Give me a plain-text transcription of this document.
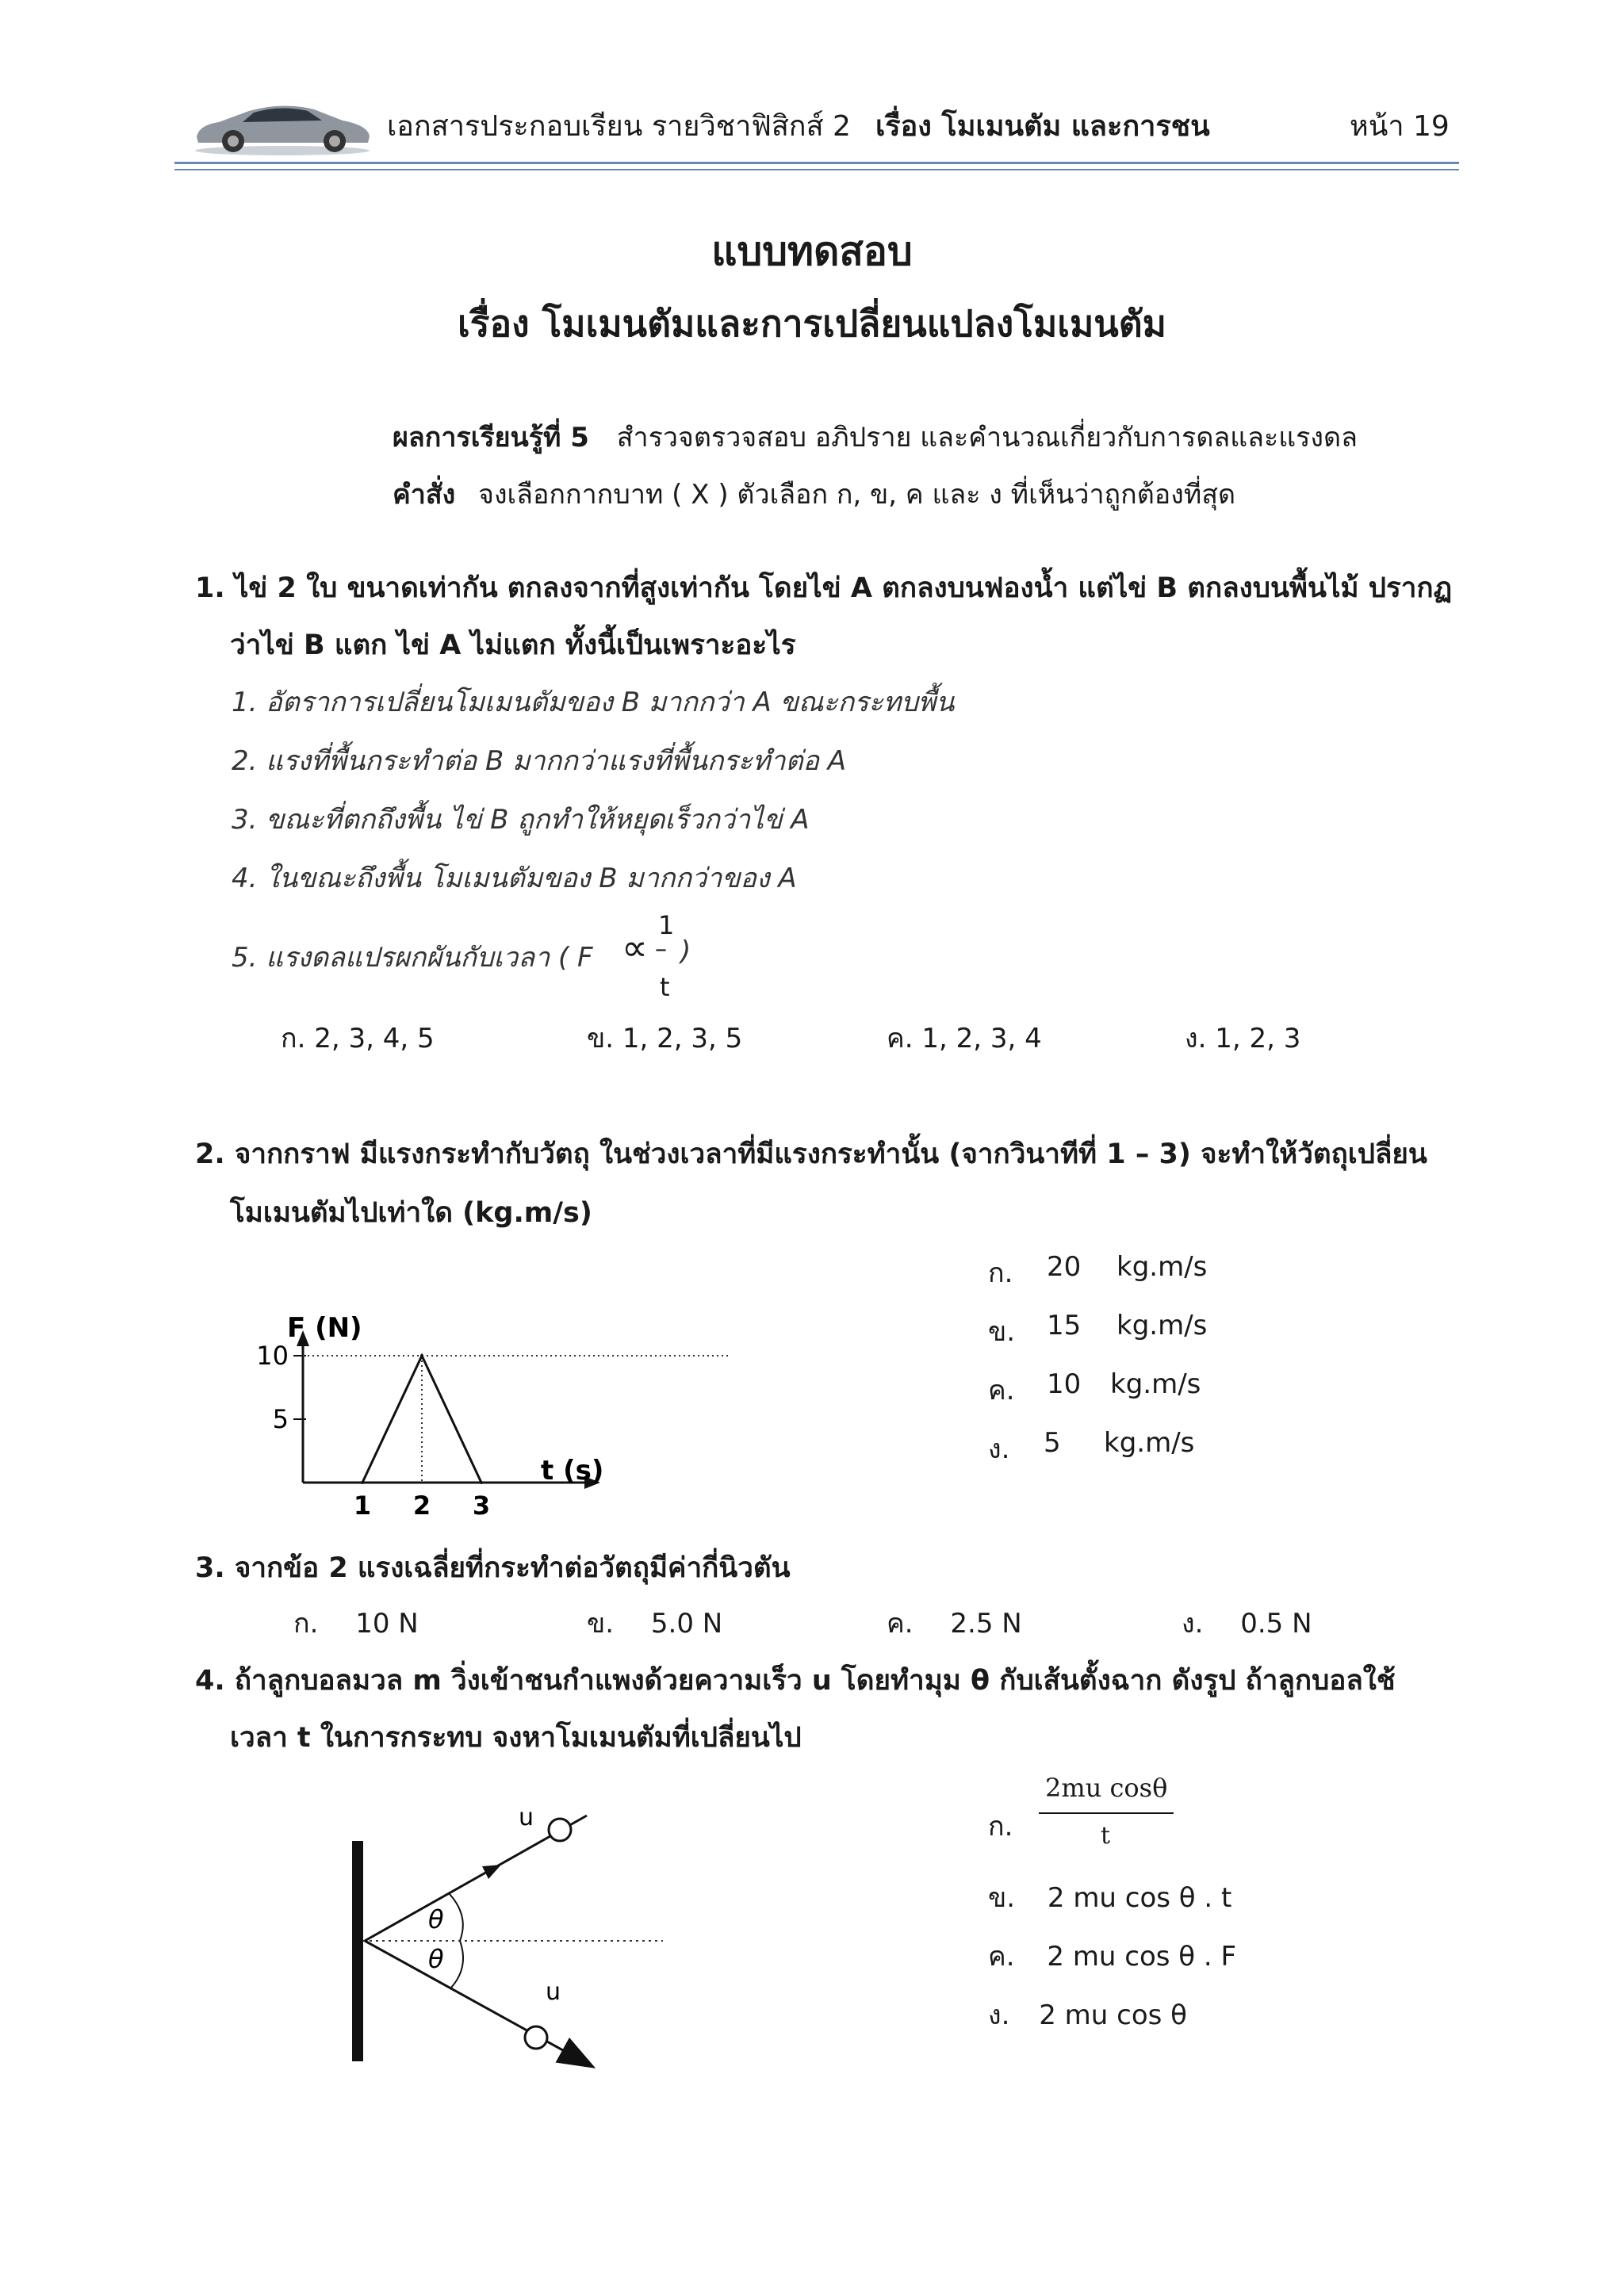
เอกสารประกอบเรียน รายวิชาฟิสิกส์ 2 เรื่อง โมเมนตัม และการชน	หน้า 19
แบบทดสอบ
เรื่อง โมเมนตัมและการเปลี่ยนแปลงโมเมนตัม
ผลการเรียนรู้ที่ 5 สำรวจตรวจสอบ อภิปราย และคำนวณเกี่ยวกับการดลและแรงดล
คำสั่ง จงเลือกกากบาท ( X ) ตัวเลือก ก, ข, ค และ ง ที่เห็นว่าถูกต้องที่สุด
1. ไข่ 2 ใบ ขนาดเท่ากัน ตกลงจากที่สูงเท่ากัน โดยไข่ A ตกลงบนฟองน้ำ แต่ไข่ B ตกลงบนพื้นไม้ ปรากฏ
ว่าไข่ B แตก ไข่ A ไม่แตก ทั้งนี้เป็นเพราะอะไร
1. อัตราการเปลี่ยนโมเมนตัมของ B มากกว่า A ขณะกระทบพื้น
2. แรงที่พื้นกระทำต่อ B มากกว่าแรงที่พื้นกระทำต่อ A
3. ขณะที่ตกถึงพื้น ไข่ B ถูกทำให้หยุดเร็วกว่าไข่ A
4. ในขณะถึงพื้น โมเมนตัมของ B มากกว่าของ A
5. แรงดลแปรผกผันกับเวลา ( F ∝ –
1
t
)
ก. 2, 3, 4, 5	ข. 1, 2, 3, 5	ค. 1, 2, 3, 4	ง. 1, 2, 3
2. จากกราฟ มีแรงกระทำกับวัตถุ ในช่วงเวลาที่มีแรงกระทำนั้น (จากวินาทีที่ 1 – 3) จะทำให้วัตถุเปลี่ยน
โมเมนตัมไปเท่าใด (kg.m/s)
F (N)
t (s)
5
10
1 2 3
ก. 20 kg.m/s
ข. 15 kg.m/s
ค. 10 kg.m/s
ง. 5 kg.m/s
3. จากข้อ 2 แรงเฉลี่ยที่กระทำต่อวัตถุมีค่ากี่นิวตัน
ก. 10 N	ข. 5.0 N	ค. 2.5 N	ง. 0.5 N
4. ถ้าลูกบอลมวล m วิ่งเข้าชนกำแพงด้วยความเร็ว u โดยทำมุม θ กับเส้นตั้งฉาก ดังรูป ถ้าลูกบอลใช้
เวลา t ในการกระทบ จงหาโมเมนตัมที่เปลี่ยนไป
u
u
θ
θ
ก.
2mu cosθ
t
ข. 2 mu cos θ . t
ค. 2 mu cos θ . F
ง. 2 mu cos θ
